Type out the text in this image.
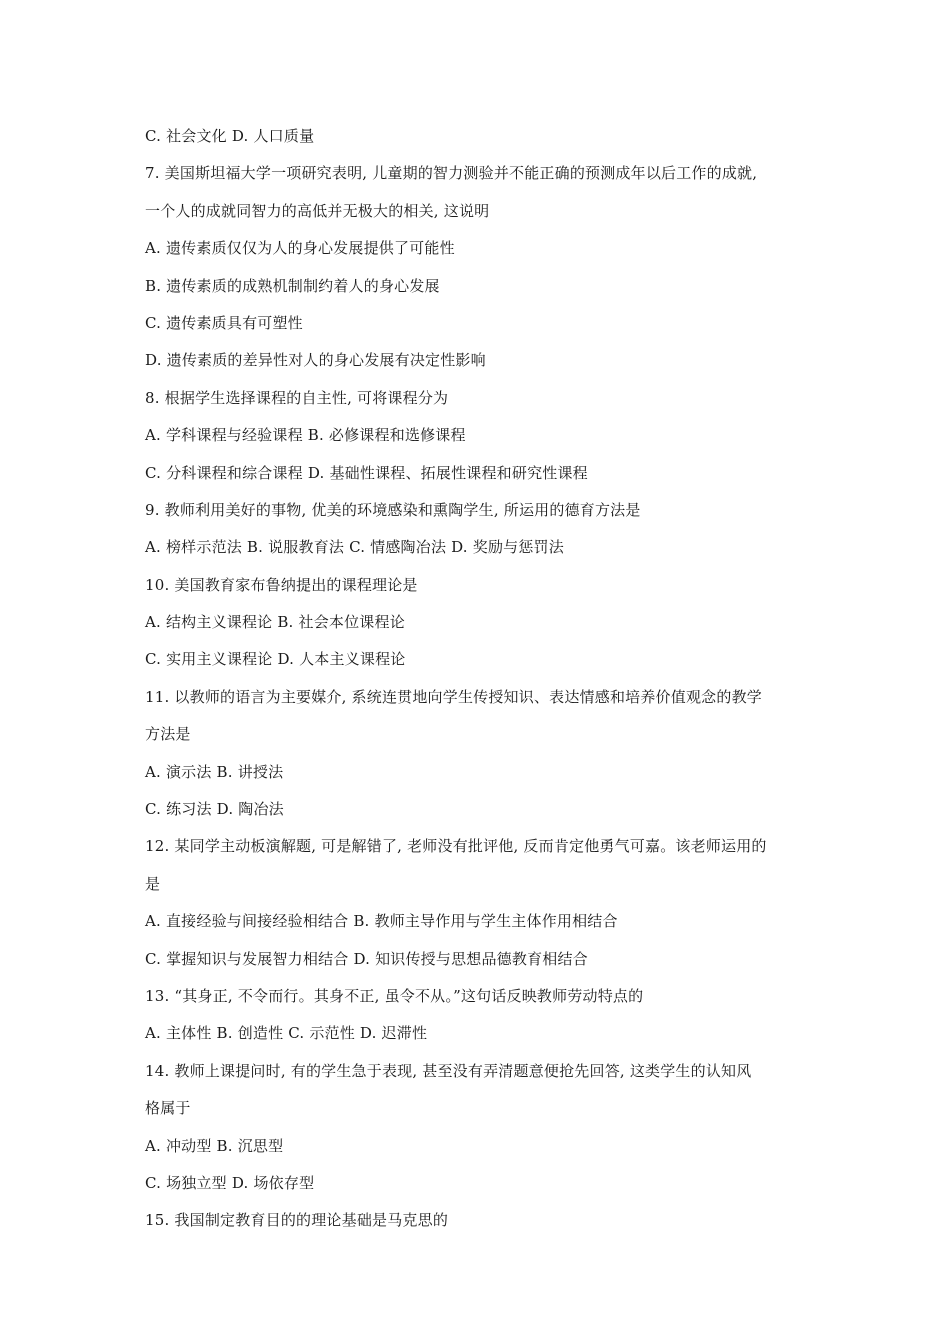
C. 社会文化 D. 人口质量
7. 美国斯坦福大学一项研究表明, 儿童期的智力测验并不能正确的预测成年以后工作的成就,
一个人的成就同智力的高低并无极大的相关, 这说明
A. 遗传素质仅仅为人的身心发展提供了可能性
B. 遗传素质的成熟机制制约着人的身心发展
C. 遗传素质具有可塑性
D. 遗传素质的差异性对人的身心发展有决定性影响
8. 根据学生选择课程的自主性, 可将课程分为
A. 学科课程与经验课程 B. 必修课程和选修课程
C. 分科课程和综合课程 D. 基础性课程、拓展性课程和研究性课程
9. 教师利用美好的事物, 优美的环境感染和熏陶学生, 所运用的德育方法是
A. 榜样示范法 B. 说服教育法 C. 情感陶冶法 D. 奖励与惩罚法
10. 美国教育家布鲁纳提出的课程理论是
A. 结构主义课程论 B. 社会本位课程论
C. 实用主义课程论 D. 人本主义课程论
11. 以教师的语言为主要媒介, 系统连贯地向学生传授知识、表达情感和培养价值观念的教学
方法是
A. 演示法 B. 讲授法
C. 练习法 D. 陶冶法
12. 某同学主动板演解题, 可是解错了, 老师没有批评他, 反而肯定他勇气可嘉。该老师运用的
是
A. 直接经验与间接经验相结合 B. 教师主导作用与学生主体作用相结合
C. 掌握知识与发展智力相结合 D. 知识传授与思想品德教育相结合
13. “其身正, 不令而行。其身不正, 虽令不从。”这句话反映教师劳动特点的
A. 主体性 B. 创造性 C. 示范性 D. 迟滞性
14. 教师上课提问时, 有的学生急于表现, 甚至没有弄清题意便抢先回答, 这类学生的认知风
格属于
A. 冲动型 B. 沉思型
C. 场独立型 D. 场依存型
15. 我国制定教育目的的理论基础是马克思的
